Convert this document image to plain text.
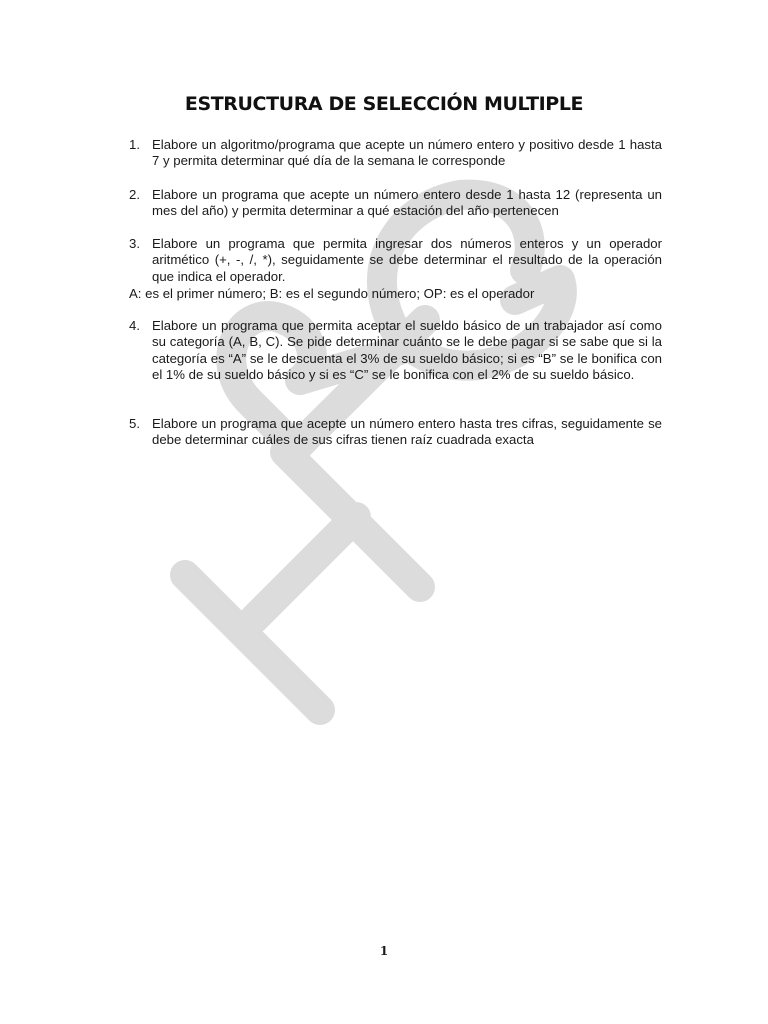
ESTRUCTURA DE SELECCIÓN MULTIPLE
1. Elabore un algoritmo/programa que acepte un número entero y positivo desde 1 hasta 7 y permita determinar qué día de la semana le corresponde
2. Elabore un programa que acepte un número entero desde 1 hasta 12 (representa un mes del año) y permita determinar a qué estación del año pertenecen
3. Elabore un programa que permita ingresar dos números enteros y un operador aritmético (+, -, /, *), seguidamente se debe determinar el resultado de la operación que indica el operador.
A: es el primer número; B: es el segundo número; OP: es el operador
4. Elabore un programa que permita aceptar el sueldo básico de un trabajador así como su categoría (A, B, C). Se pide determinar cuánto se le debe pagar si se sabe que si la categoría es “A” se le descuenta el 3% de su sueldo básico; si es “B” se le bonifica con el 1% de su sueldo básico y si es “C” se le bonifica con el 2% de su sueldo básico.
5. Elabore un programa que acepte un número entero hasta tres cifras, seguidamente se debe determinar cuáles de sus cifras tienen raíz cuadrada exacta
1
